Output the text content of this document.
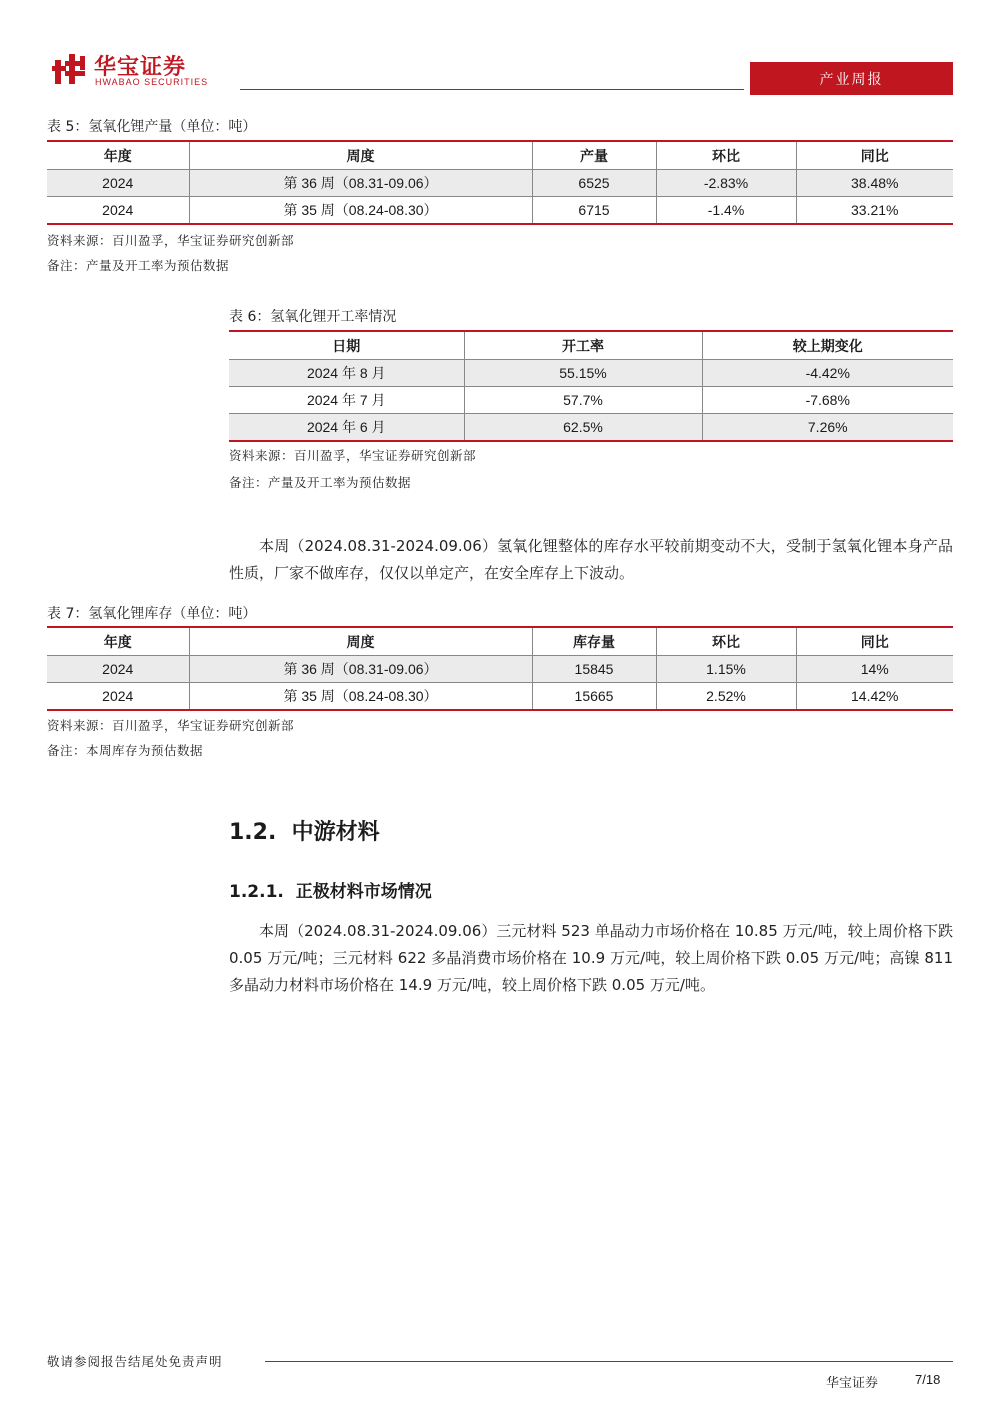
华宝证券
HWABAO SECURITIES	产业周报
表 5：氢氧化锂产量（单位：吨）
年度	周度	产量	环比	同比
2024	第 36 周（08.31-09.06）	6525	-2.83%	38.48%
2024	第 35 周（08.24-08.30）	6715	-1.4%	33.21%
资料来源：百川盈孚，华宝证券研究创新部
备注：产量及开工率为预估数据
表 6：氢氧化锂开工率情况
日期	开工率	较上期变化
2024 年 8 月	55.15%	-4.42%
2024 年 7 月	57.7%	-7.68%
2024 年 6 月	62.5%	7.26%
资料来源：百川盈孚，华宝证券研究创新部
备注：产量及开工率为预估数据

本周（2024.08.31-2024.09.06）氢氧化锂整体的库存水平较前期变动不大，受制于氢氧化锂本身产品性质，厂家不做库存，仅仅以单定产，在安全库存上下波动。

表 7：氢氧化锂库存（单位：吨）
年度	周度	库存量	环比	同比
2024	第 36 周（08.31-09.06）	15845	1.15%	14%
2024	第 35 周（08.24-08.30）	15665	2.52%	14.42%
资料来源：百川盈孚，华宝证券研究创新部
备注：本周库存为预估数据
1.2. 中游材料
1.2.1. 正极材料市场情况

本周（2024.08.31-2024.09.06）三元材料 523 单晶动力市场价格在 10.85 万元/吨，较上周价格下跌 0.05 万元/吨；三元材料 622 多晶消费市场价格在 10.9 万元/吨，较上周价格下跌 0.05 万元/吨；高镍 811 多晶动力材料市场价格在 14.9 万元/吨，较上周价格下跌 0.05 万元/吨。

敬请参阅报告结尾处免责声明
华宝证券	7/18
